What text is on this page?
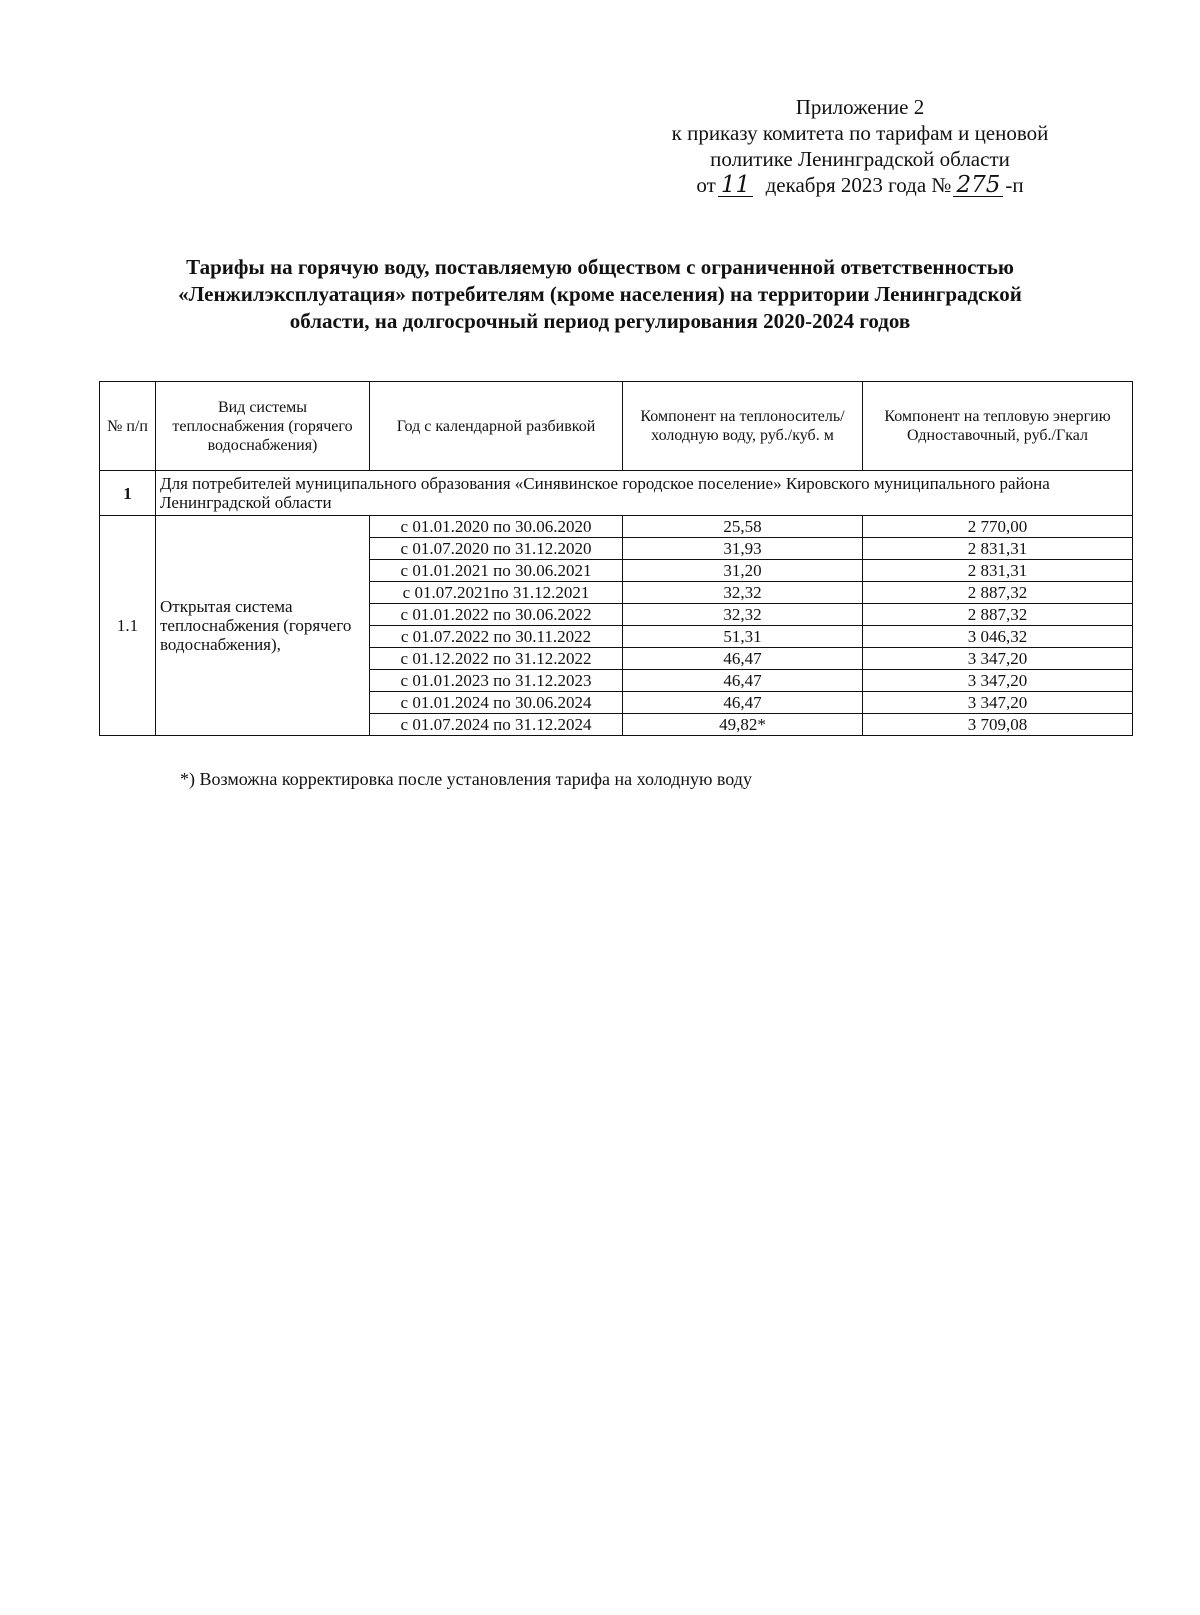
Приложение 2
к приказу комитета по тарифам и ценовой
политике Ленинградской области
от 11 декабря 2023 года № 275 -п
Тарифы на горячую воду, поставляемую обществом с ограниченной ответственностью
«Ленжилэксплуатация» потребителям (кроме населения) на территории Ленинградской
области, на долгосрочный период регулирования 2020-2024 годов
№ п/п	Вид системы теплоснабжения (горячего водоснабжения)	Год с календарной разбивкой	Компонент на теплоноситель/холодную воду, руб./куб. м	Компонент на тепловую энергию Одноставочный, руб./Гкал
1	Для потребителей муниципального образования «Синявинское городское поселение» Кировского муниципального района Ленинградской области			
1.1	Открытая система теплоснабжения (горячего водоснабжения),	с 01.01.2020 по 30.06.2020	25,58	2 770,00
		с 01.07.2020 по 31.12.2020	31,93	2 831,31
		с 01.01.2021 по 30.06.2021	31,20	2 831,31
		с 01.07.2021по 31.12.2021	32,32	2 887,32
		с 01.01.2022 по 30.06.2022	32,32	2 887,32
		с 01.07.2022 по 30.11.2022	51,31	3 046,32
		с 01.12.2022 по 31.12.2022	46,47	3 347,20
		с 01.01.2023 по 31.12.2023	46,47	3 347,20
		с 01.01.2024 по 30.06.2024	46,47	3 347,20
		с 01.07.2024 по 31.12.2024	49,82*	3 709,08
*) Возможна корректировка после установления тарифа на холодную воду
